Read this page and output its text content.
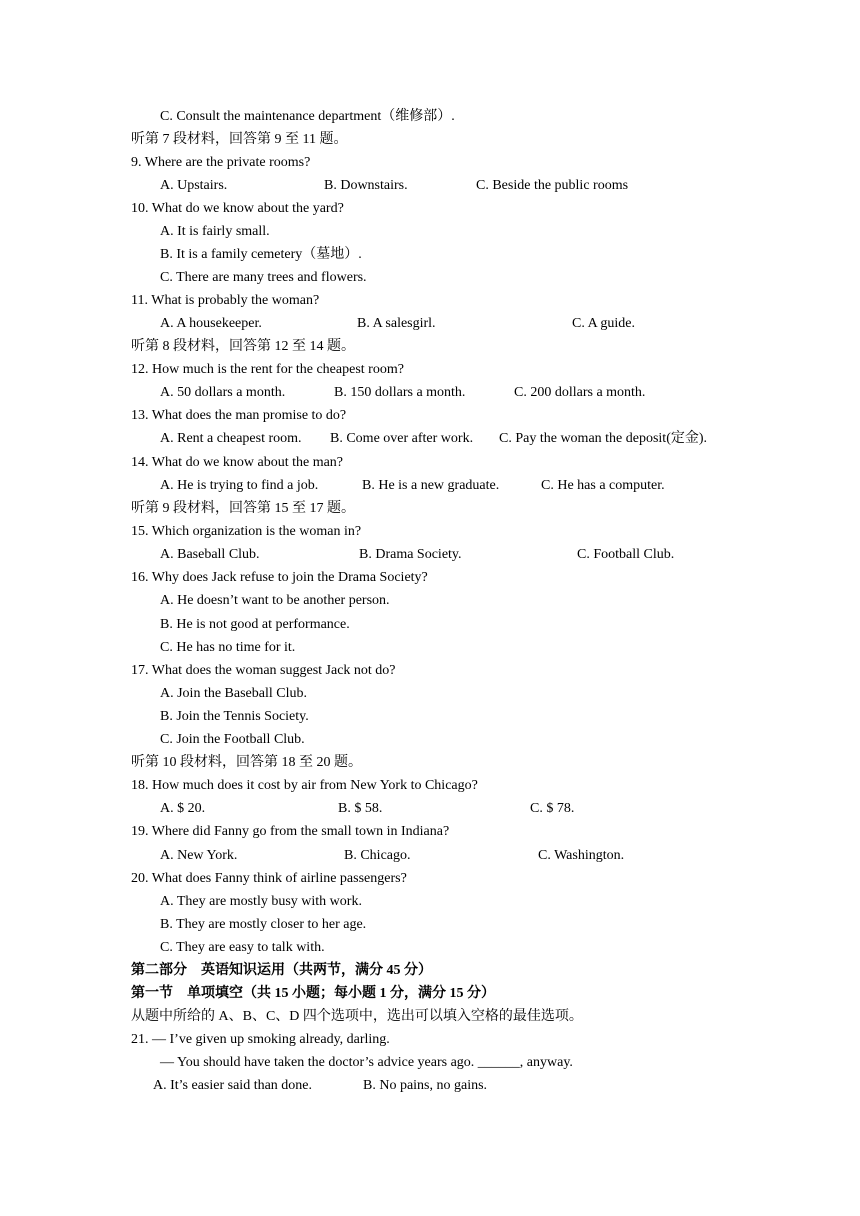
C. Consult the maintenance department（维修部）.
听第 7 段材料，回答第 9 至 11 题。
9. Where are the private rooms?
A. Upstairs.	B. Downstairs.	C. Beside the public rooms
10. What do we know about the yard?
A. It is fairly small.
B. It is a family cemetery（墓地）.
C. There are many trees and flowers.
11. What is probably the woman?
A. A housekeeper.	B. A salesgirl.	C. A guide.
听第 8 段材料，回答第 12 至 14 题。
12. How much is the rent for the cheapest room?
A. 50 dollars a month.	B. 150 dollars a month.	C. 200 dollars a month.
13. What does the man promise to do?
A. Rent a cheapest room. B. Come over after work. C. Pay the woman the deposit(定金).
14. What do we know about the man?
A. He is trying to find a job.	B. He is a new graduate.	C. He has a computer.
听第 9 段材料，回答第 15 至 17 题。
15. Which organization is the woman in?
A. Baseball Club.	B. Drama Society.	C. Football Club.
16. Why does Jack refuse to join the Drama Society?
A. He doesn’t want to be another person.
B. He is not good at performance.
C. He has no time for it.
17. What does the woman suggest Jack not do?
A. Join the Baseball Club.
B. Join the Tennis Society.
C. Join the Football Club.
听第 10 段材料，回答第 18 至 20 题。
18. How much does it cost by air from New York to Chicago?
A. $ 20.	B. $ 58.	C. $ 78.
19. Where did Fanny go from the small town in Indiana?
A. New York.	B. Chicago.	C. Washington.
20. What does Fanny think of airline passengers?
A. They are mostly busy with work.
B. They are mostly closer to her age.
C. They are easy to talk with.
第二部分　英语知识运用（共两节，满分 45 分）
第一节　单项填空（共 15 小题；每小题 1 分，满分 15 分）
从题中所给的 A、B、C、D 四个选项中，选出可以填入空格的最佳选项。
21. ― I’ve given up smoking already, darling.
― You should have taken the doctor’s advice years ago. ______, anyway.
A. It’s easier said than done.	B. No pains, no gains.
